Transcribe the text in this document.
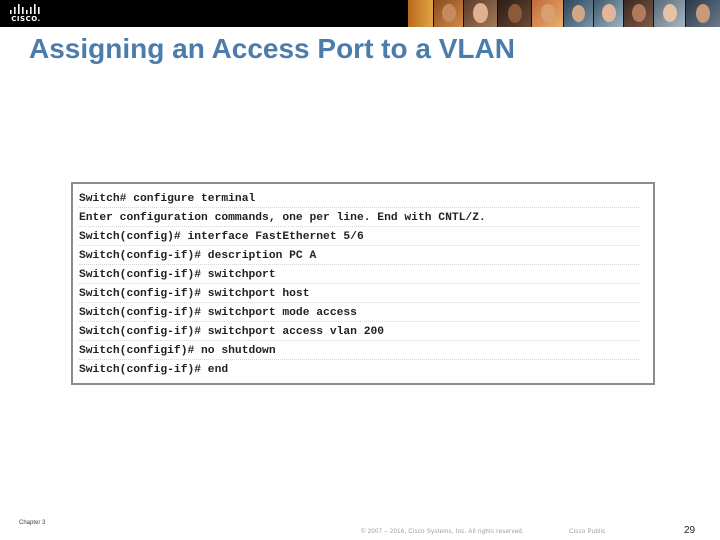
CISCO.
Assigning an Access Port to a VLAN
Switch# configure terminal
Enter configuration commands, one per line. End with CNTL/Z.
Switch(config)# interface FastEthernet 5/6
Switch(config-if)# description PC A
Switch(config-if)# switchport
Switch(config-if)# switchport host
Switch(config-if)# switchport mode access
Switch(config-if)# switchport access vlan 200
Switch(configif)# no shutdown
Switch(config-if)# end
Chapter 3
© 2007 – 2016, Cisco Systems, Inc. All rights reserved.	Cisco Public	29
